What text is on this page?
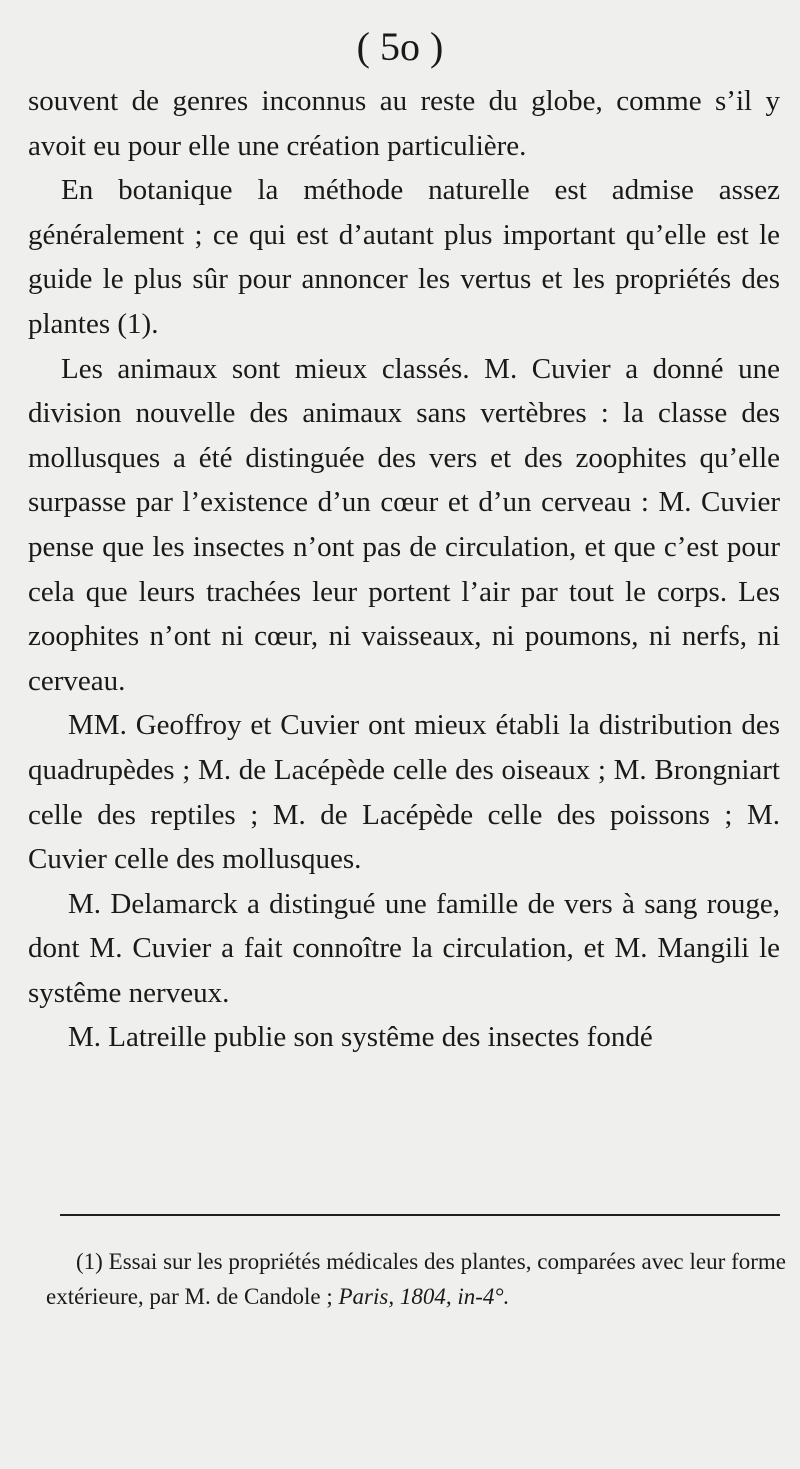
( 5o )

souvent de genres inconnus au reste du globe, comme s’il y avoit eu pour elle une création particulière.

En botanique la méthode naturelle est admise assez généralement ; ce qui est d’autant plus important qu’elle est le guide le plus sûr pour annoncer les vertus et les propriétés des plantes (1).

Les animaux sont mieux classés. M. Cuvier a donné une division nouvelle des animaux sans vertèbres : la classe des mollusques a été distinguée des vers et des zoophites qu’elle surpasse par l’existence d’un cœur et d’un cerveau : M. Cuvier pense que les insectes n’ont pas de circulation, et que c’est pour cela que leurs trachées leur portent l’air par tout le corps. Les zoophites n’ont ni cœur, ni vaisseaux, ni poumons, ni nerfs, ni cerveau.

MM. Geoffroy et Cuvier ont mieux établi la distribution des quadrupèdes ; M. de Lacépède celle des oiseaux ; M. Brongniart celle des reptiles ; M. de Lacépède celle des poissons ; M. Cuvier celle des mollusques.

M. Delamarck a distingué une famille de vers à sang rouge, dont M. Cuvier a fait connoître la circulation, et M. Mangili le systême nerveux.

M. Latreille publie son systême des insectes fondé

(1) Essai sur les propriétés médicales des plantes, comparées avec leur forme extérieure, par M. de Candole ; Paris, 1804, in-4°.
